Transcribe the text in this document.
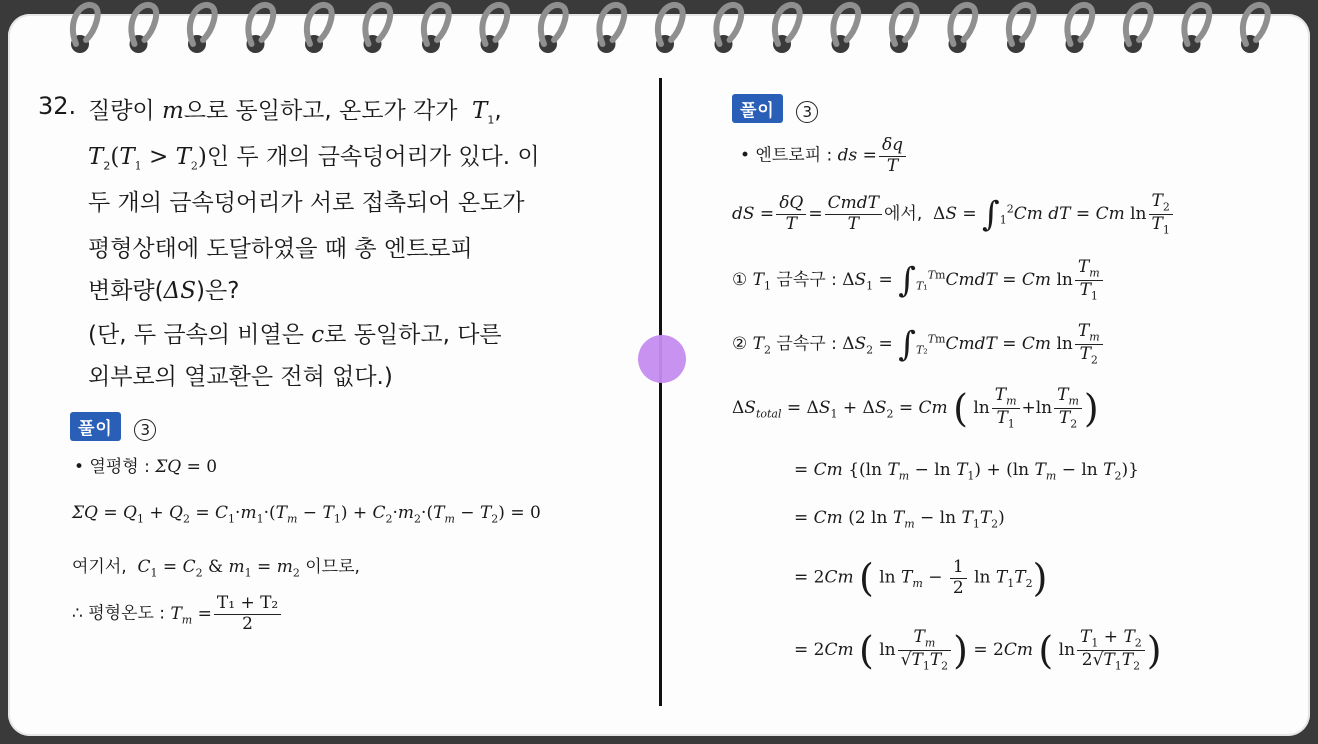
32. 질량이 m으로 동일하고, 온도가 각가  $T_1$,
$T_2(T_1 > T_2)$인 두 개의 금속덩어리가 있다. 이
두 개의 금속덩어리가 서로 접촉되어 온도가
평형상태에 도달하였을 때 총 엔트로피
변화량(ΔS)은?
(단, 두 금속의 비열은 c로 동일하고, 다른
외부로의 열교환은 전혀 없다.)
풀이 3
• 열평형 : ΣQ = 0
$\Sigma Q = Q_1 + Q_2 = C_1\cdot m_1\cdot(T_m - T_1) + C_2\cdot m_2\cdot(T_m - T_2) = 0$
여기서, $C_1 = C_2$ & $m_1 = m_2$ 이므로,
∴ 평형온도 : $T_m = \frac{\text{T₁ + T₂}}{2}$
풀이 3
• 엔트로피 : ds = $\frac{\delta q}{T}$
dS = $\frac{\delta Q}{T}$ =
CmdT
T	에서,  $\Delta S = \int_1^2Cm$ dT = Cm $\ln \frac{T_2}{T_1}$
① $T_1$ 금속구 : $\Delta S_1$ = $\int_{T_1}^{Tm}CmdT = Cm$ $\ln \frac{T_m}{T_1}$
② $T_2$ 금속구 : $\Delta S_2$ = $\int_{T_2}^{Tm}CmdT = Cm$ $\ln \frac{T_m}{T_2}$
$\Delta S_{total} = \Delta S_1 + \Delta S_2 = Cm$ ( $\ln \frac{T_m}{T_1} +\ln \frac{T_m}{T_2}$ )
= Cm {(ln $T_m - \ln T_1) + (\ln$ $T_m - \ln T_2$)}
= Cm (2 $\ln T_m - \ln T_1T_2$)
= 2Cm ( $\ln T_m - \frac{1}{2}$ $\ln T_1T_2$)
= 2Cm ( $\ln \frac{T_m}{√T_1T_2}$ ) = 2Cm ( $\ln \frac{T_1 + T_2}{2√T_1T_2}$ )
